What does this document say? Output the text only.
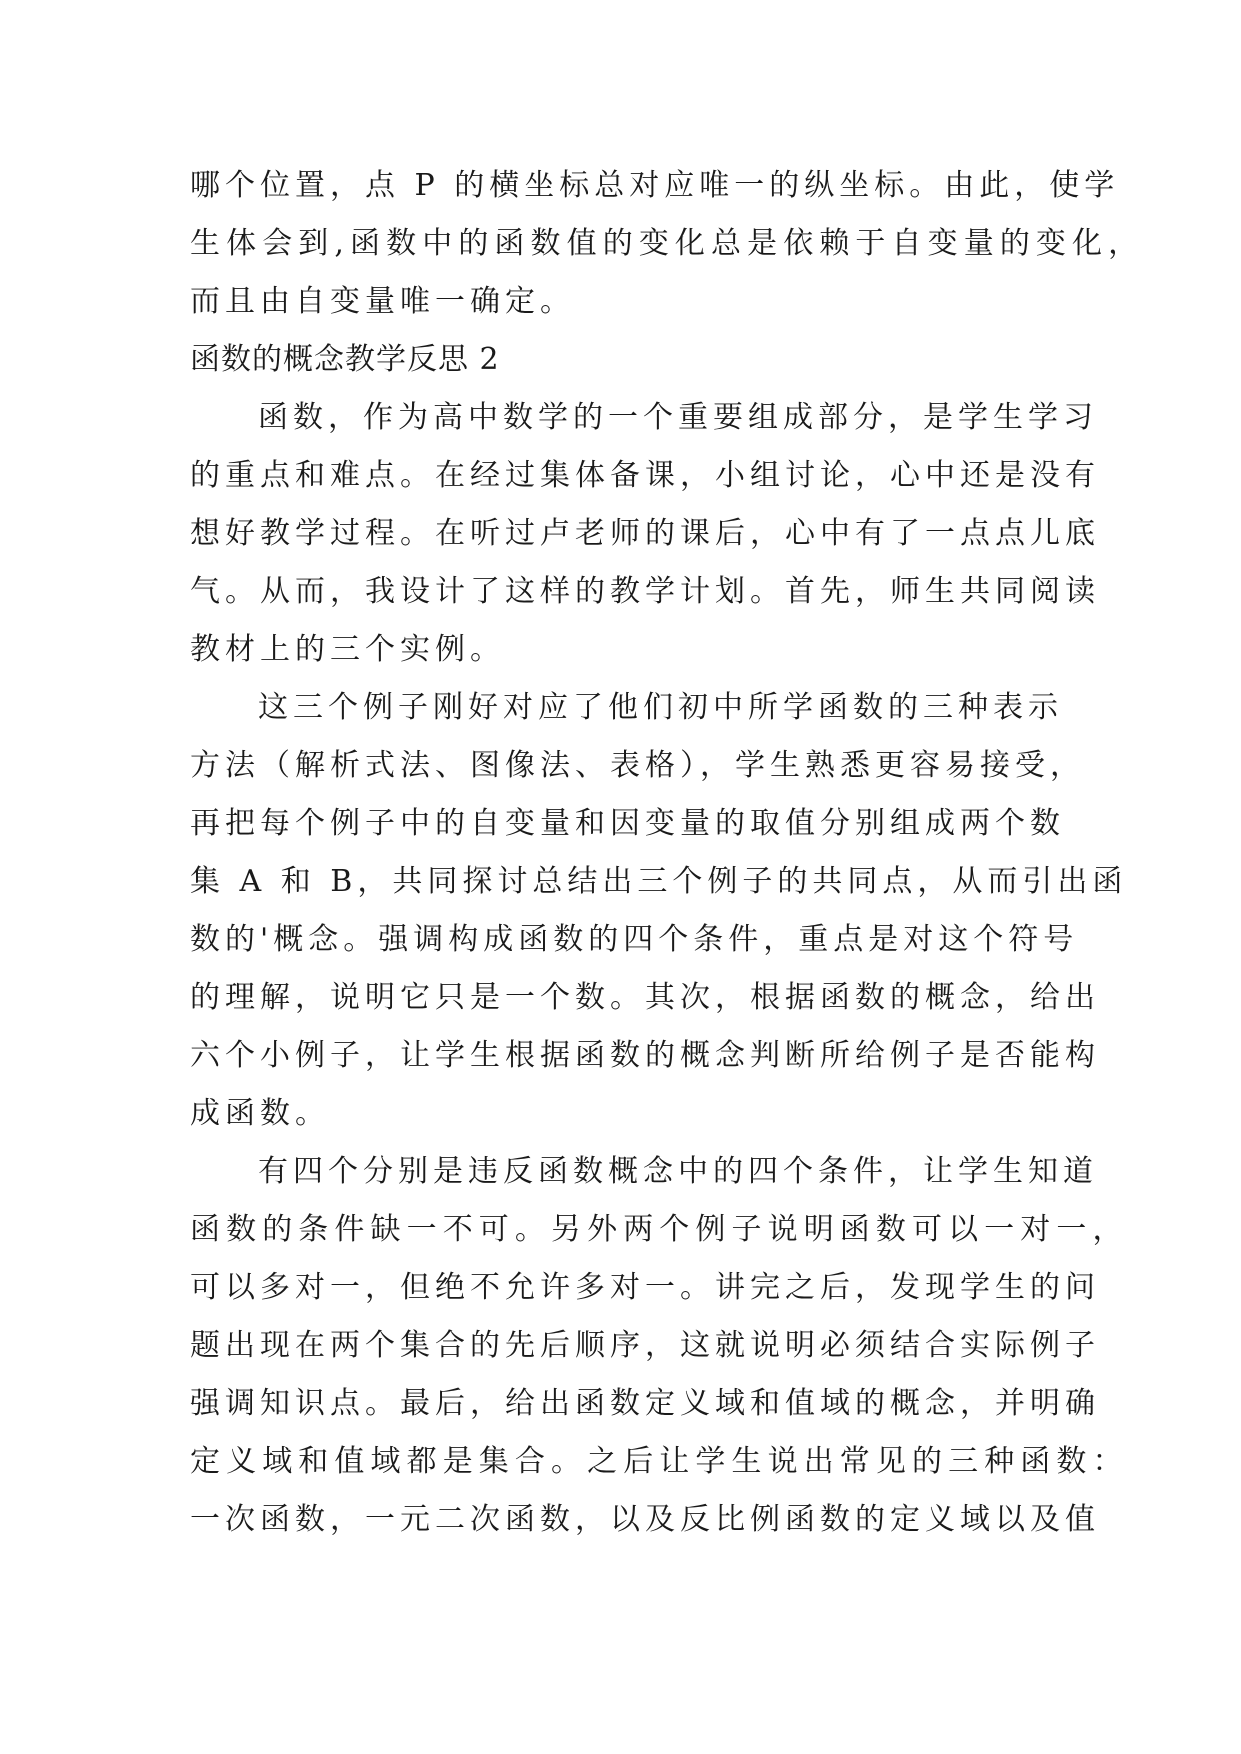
哪个位置，点 P 的横坐标总对应唯一的纵坐标。由此，使学
生体会到,函数中的函数值的变化总是依赖于自变量的变化，
而且由自变量唯一确定。
函数的概念教学反思 2
函数，作为高中数学的一个重要组成部分，是学生学习
的重点和难点。在经过集体备课，小组讨论，心中还是没有
想好教学过程。在听过卢老师的课后，心中有了一点点儿底
气。从而，我设计了这样的教学计划。首先，师生共同阅读
教材上的三个实例。
这三个例子刚好对应了他们初中所学函数的三种表示
方法（解析式法、图像法、表格），学生熟悉更容易接受，
再把每个例子中的自变量和因变量的取值分别组成两个数
集 A 和 B，共同探讨总结出三个例子的共同点，从而引出函
数的'概念。强调构成函数的四个条件，重点是对这个符号
的理解，说明它只是一个数。其次，根据函数的概念，给出
六个小例子，让学生根据函数的概念判断所给例子是否能构
成函数。
有四个分别是违反函数概念中的四个条件，让学生知道
函数的条件缺一不可。另外两个例子说明函数可以一对一，
可以多对一，但绝不允许多对一。讲完之后，发现学生的问
题出现在两个集合的先后顺序，这就说明必须结合实际例子
强调知识点。最后，给出函数定义域和值域的概念，并明确
定义域和值域都是集合。之后让学生说出常见的三种函数：
一次函数，一元二次函数，以及反比例函数的定义域以及值
